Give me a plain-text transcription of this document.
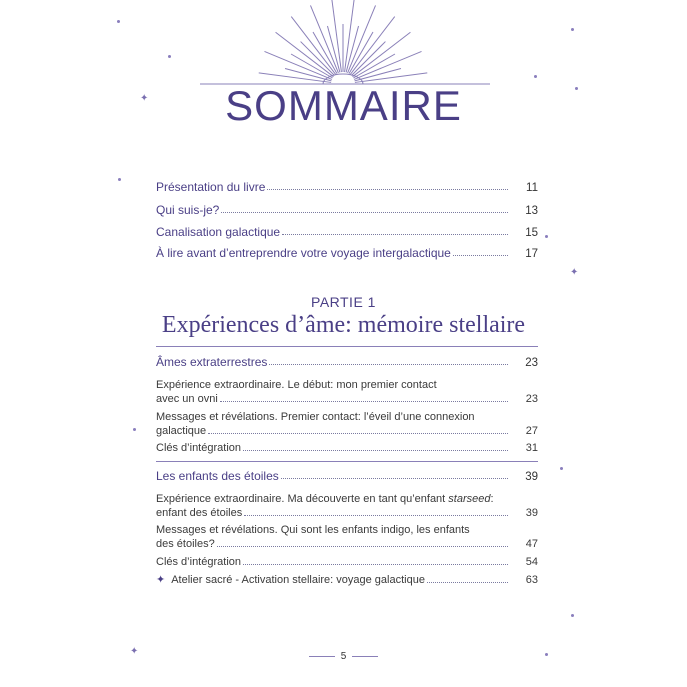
✦
✦
✦
SOMMAIRE
Présentation du livre	11
Qui suis-je?	13
Canalisation galactique	15
À lire avant d’entreprendre votre voyage intergalactique	17
PARTIE 1
Expériences d’âme: mémoire stellaire
Âmes extraterrestres	23
Expérience extraordinaire. Le début: mon premier contact
avec un ovni	23
Messages et révélations. Premier contact: l’éveil d’une connexion
galactique	27
Clés d’intégration	31
Les enfants des étoiles	39
Expérience extraordinaire. Ma découverte en tant qu’enfant starseed:
enfant des étoiles	39
Messages et révélations. Qui sont les enfants indigo, les enfants
des étoiles?	47
Clés d’intégration	54
✦ Atelier sacré - Activation stellaire: voyage galactique	63
5
